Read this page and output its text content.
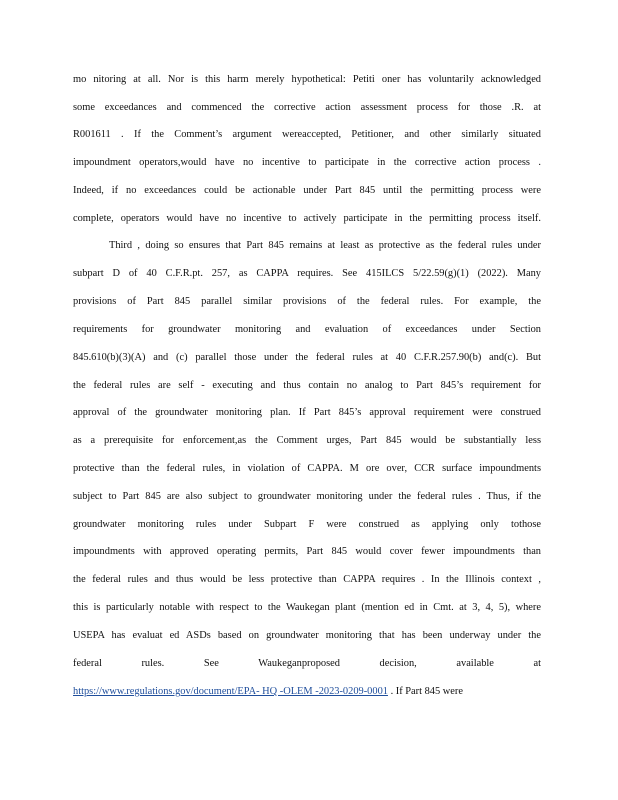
mo nitoring at all. Nor is this harm merely hypothetical: Petiti oner has voluntarily acknowledged
some exceedances and commenced the corrective action assessment process for those .R. at
R001611 . If the Comment’s argument wereaccepted, Petitioner, and other similarly situated
impoundment operators,would have no incentive to participate in the corrective action process .
Indeed, if no exceedances could be actionable under Part 845 until the permitting process were
complete, operators would have no incentive to actively participate in the permitting process itself.
Third , doing so ensures that Part 845 remains at least as protective as the federal rules under
subpart D of 40 C.F.R.pt. 257, as CAPPA requires. See 415ILCS 5/22.59(g)(1) (2022). Many
provisions of Part 845 parallel similar provisions of the federal rules. For example, the
requirements for groundwater monitoring and evaluation of exceedances under Section
845.610(b)(3)(A) and (c) parallel those under the federal rules at 40 C.F.R.257.90(b) and(c). But
the federal rules are self - executing and thus contain no analog to Part 845’s requirement for
approval of the groundwater monitoring plan. If Part 845’s approval requirement were construed
as a prerequisite for enforcement,as the Comment urges, Part 845 would be substantially less
protective than the federal rules, in violation of CAPPA. M ore over, CCR surface impoundments
subject to Part 845 are also subject to groundwater monitoring under the federal rules . Thus, if the
groundwater monitoring rules under Subpart F were construed as applying only tothose
impoundments with approved operating permits, Part 845 would cover fewer impoundments than
the federal rules and thus would be less protective than CAPPA requires . In the Illinois context ,
this is particularly notable with respect to the Waukegan plant (mention ed in Cmt. at 3, 4, 5), where
USEPA has evaluat ed ASDs based on groundwater monitoring that has been underway under the
federal rules. See Waukeganproposed decision, available at
https://www.regulations.gov/document/EPA- HQ -OLEM -2023-0209-0001 . If Part 845 were
